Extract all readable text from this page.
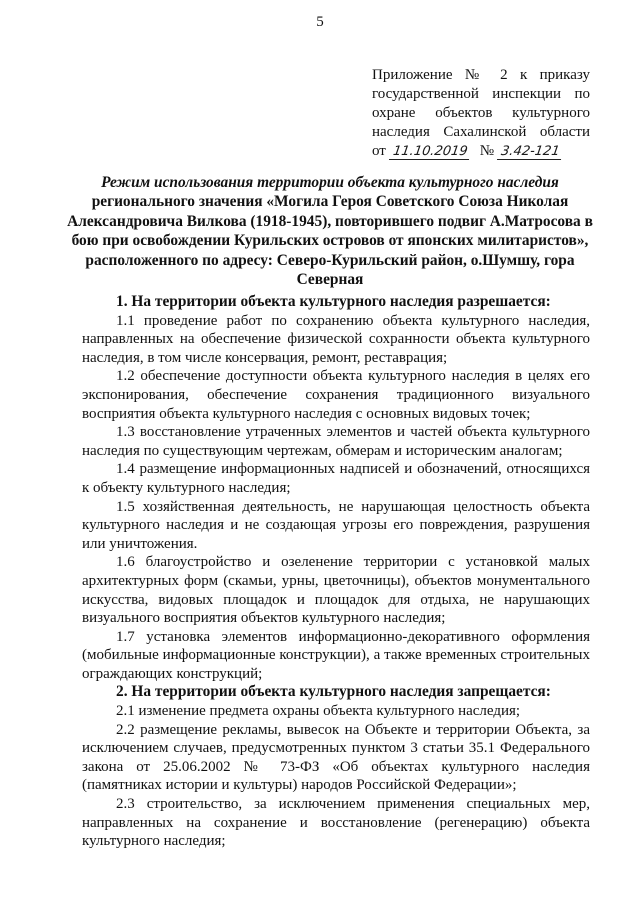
5
Приложение № 2 к приказу
государственной инспекции по
охране объектов культурного
наследия Сахалинской области
от 11.10.2019 № 3.42-121
Режим использования территории объекта культурного наследия
регионального значения «Могила Героя Советского Союза Николая Александровича Вилкова (1918-1945), повторившего подвиг А.Матросова в бою при освобождении Курильских островов от японских милитаристов», расположенного по адресу: Северо-Курильский район, о.Шумшу, гора Северная

1. На территории объекта культурного наследия разрешается:

1.1 проведение работ по сохранению объекта культурного наследия, направленных на обеспечение физической сохранности объекта культурного наследия, в том числе консервация, ремонт, реставрация;

1.2 обеспечение доступности объекта культурного наследия в целях его экспонирования, обеспечение сохранения традиционного визуального восприятия объекта культурного наследия с основных видовых точек;

1.3 восстановление утраченных элементов и частей объекта культурного наследия по существующим чертежам, обмерам и историческим аналогам;

1.4 размещение информационных надписей и обозначений, относящихся к объекту культурного наследия;

1.5 хозяйственная деятельность, не нарушающая целостность объекта культурного наследия и не создающая угрозы его повреждения, разрушения или уничтожения.

1.6 благоустройство и озеленение территории с установкой малых архитектурных форм (скамьи, урны, цветочницы), объектов монументального искусства, видовых площадок и площадок для отдыха, не нарушающих визуального восприятия объектов культурного наследия;

1.7 установка элементов информационно-декоративного оформления (мобильные информационные конструкции), а также временных строительных ограждающих конструкций;

2. На территории объекта культурного наследия запрещается:

2.1 изменение предмета охраны объекта культурного наследия;

2.2 размещение рекламы, вывесок на Объекте и территории Объекта, за исключением случаев, предусмотренных пунктом 3 статьи 35.1 Федерального закона от 25.06.2002 № 73-ФЗ «Об объектах культурного наследия (памятниках истории и культуры) народов Российской Федерации»;

2.3 строительство, за исключением применения специальных мер, направленных на сохранение и восстановление (регенерацию) объекта культурного наследия;
